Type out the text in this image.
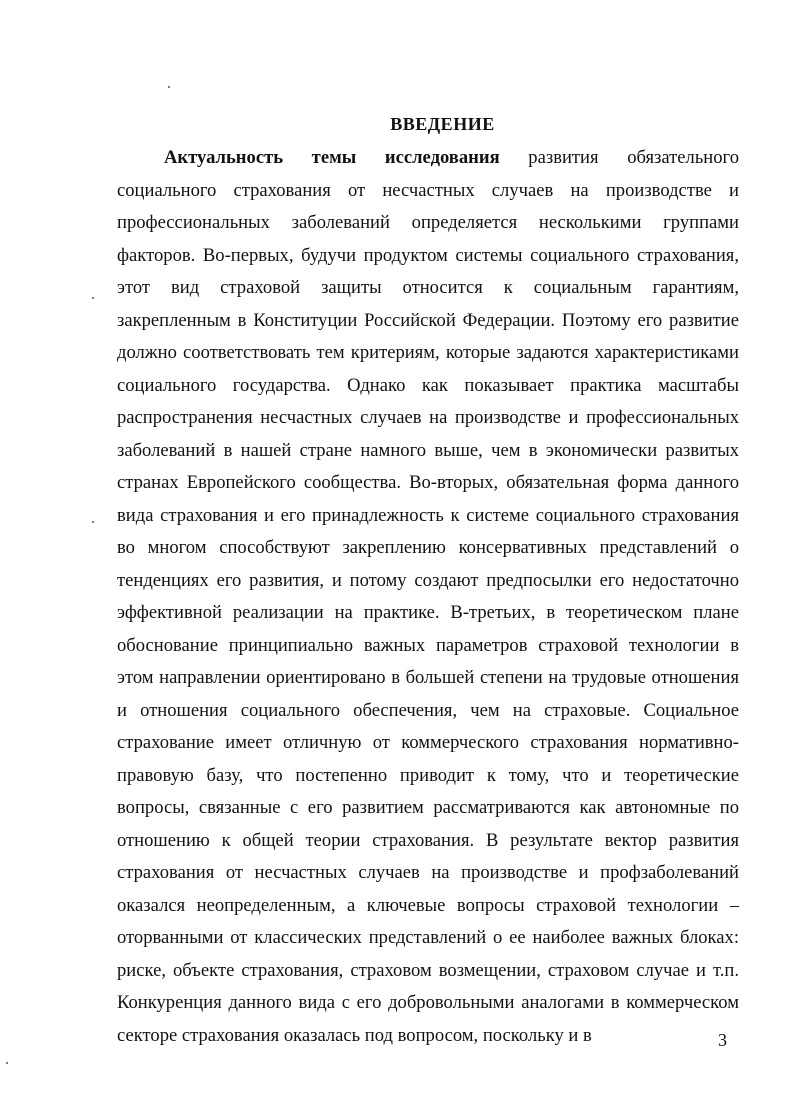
ВВЕДЕНИЕ

Актуальность темы исследования развития обязательного социального страхования от несчастных случаев на производстве и профессиональных заболеваний определяется несколькими группами факторов. Во-первых, будучи продуктом системы социального страхования, этот вид страховой защиты относится к социальным гарантиям, закрепленным в Конституции Российской Федерации. Поэтому его развитие должно соответствовать тем критериям, которые задаются характеристиками социального государства. Однако как показывает практика масштабы распространения несчастных случаев на производстве и профессиональных заболеваний в нашей стране намного выше, чем в экономически развитых странах Европейского сообщества. Во-вторых, обязательная форма данного вида страхования и его принадлежность к системе социального страхования во многом способствуют закреплению консервативных представлений о тенденциях его развития, и потому создают предпосылки его недостаточно эффективной реализации на практике. В-третьих, в теоретическом плане обоснование принципиально важных параметров страховой технологии в этом направлении ориентировано в большей степени на трудовые отношения и отношения социального обеспечения, чем на страховые. Социальное страхование имеет отличную от коммерческого страхования нормативно-правовую базу, что постепенно приводит к тому, что и теоретические вопросы, связанные с его развитием рассматриваются как автономные по отношению к общей теории страхования. В результате вектор развития страхования от несчастных случаев на производстве и профзаболеваний оказался неопределенным, а ключевые вопросы страховой технологии – оторванными от классических представлений о ее наиболее важных блоках: риске, объекте страхования, страховом возмещении, страховом случае и т.п. Конкуренция данного вида с его добровольными аналогами в коммерческом секторе страхования оказалась под вопросом, поскольку и в	3
